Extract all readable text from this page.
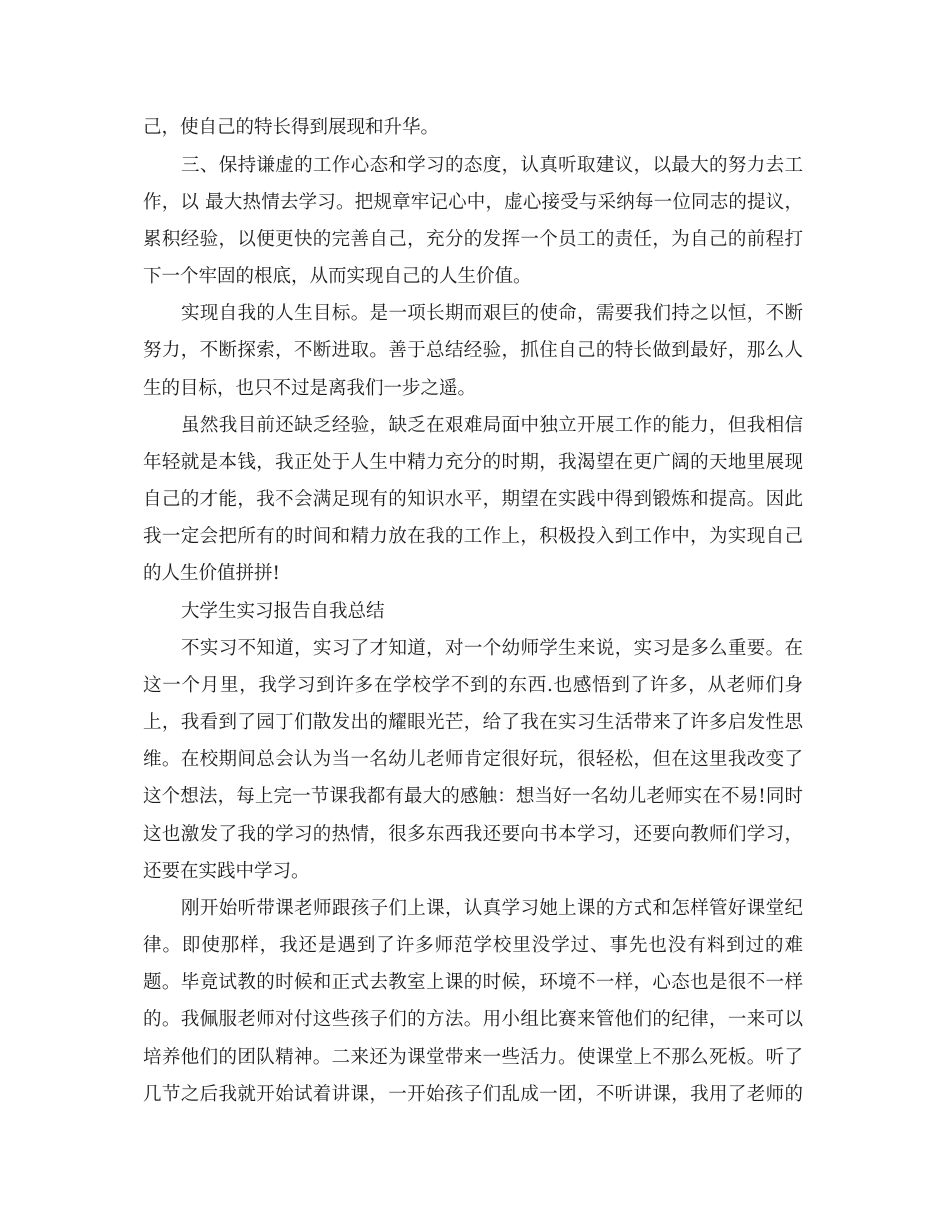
己，使自己的特长得到展现和升华。
三、保持谦虚的工作心态和学习的态度，认真听取建议，以最大的努力去工
作，以 最大热情去学习。把规章牢记心中，虚心接受与采纳每一位同志的提议，
累积经验，以便更快的完善自己，充分的发挥一个员工的责任，为自己的前程打
下一个牢固的根底，从而实现自己的人生价值。
实现自我的人生目标。是一项长期而艰巨的使命，需要我们持之以恒，不断
努力，不断探索，不断进取。善于总结经验，抓住自己的特长做到最好，那么人
生的目标，也只不过是离我们一步之遥。
虽然我目前还缺乏经验，缺乏在艰难局面中独立开展工作的能力，但我相信
年轻就是本钱，我正处于人生中精力充分的时期，我渴望在更广阔的天地里展现
自己的才能，我不会满足现有的知识水平，期望在实践中得到锻炼和提高。因此
我一定会把所有的时间和精力放在我的工作上，积极投入到工作中，为实现自己
的人生价值拼拼!
大学生实习报告自我总结
不实习不知道，实习了才知道，对一个幼师学生来说，实习是多么重要。在
这一个月里，我学习到许多在学校学不到的东西.也感悟到了许多，从老师们身
上，我看到了园丁们散发出的耀眼光芒，给了我在实习生活带来了许多启发性思
维。在校期间总会认为当一名幼儿老师肯定很好玩，很轻松，但在这里我改变了
这个想法，每上完一节课我都有最大的感触：想当好一名幼儿老师实在不易!同时
这也激发了我的学习的热情，很多东西我还要向书本学习，还要向教师们学习，
还要在实践中学习。
刚开始听带课老师跟孩子们上课，认真学习她上课的方式和怎样管好课堂纪
律。即使那样，我还是遇到了许多师范学校里没学过、事先也没有料到过的难
题。毕竟试教的时候和正式去教室上课的时候，环境不一样，心态也是很不一样
的。我佩服老师对付这些孩子们的方法。用小组比赛来管他们的纪律，一来可以
培养他们的团队精神。二来还为课堂带来一些活力。使课堂上不那么死板。听了
几节之后我就开始试着讲课，一开始孩子们乱成一团，不听讲课，我用了老师的
